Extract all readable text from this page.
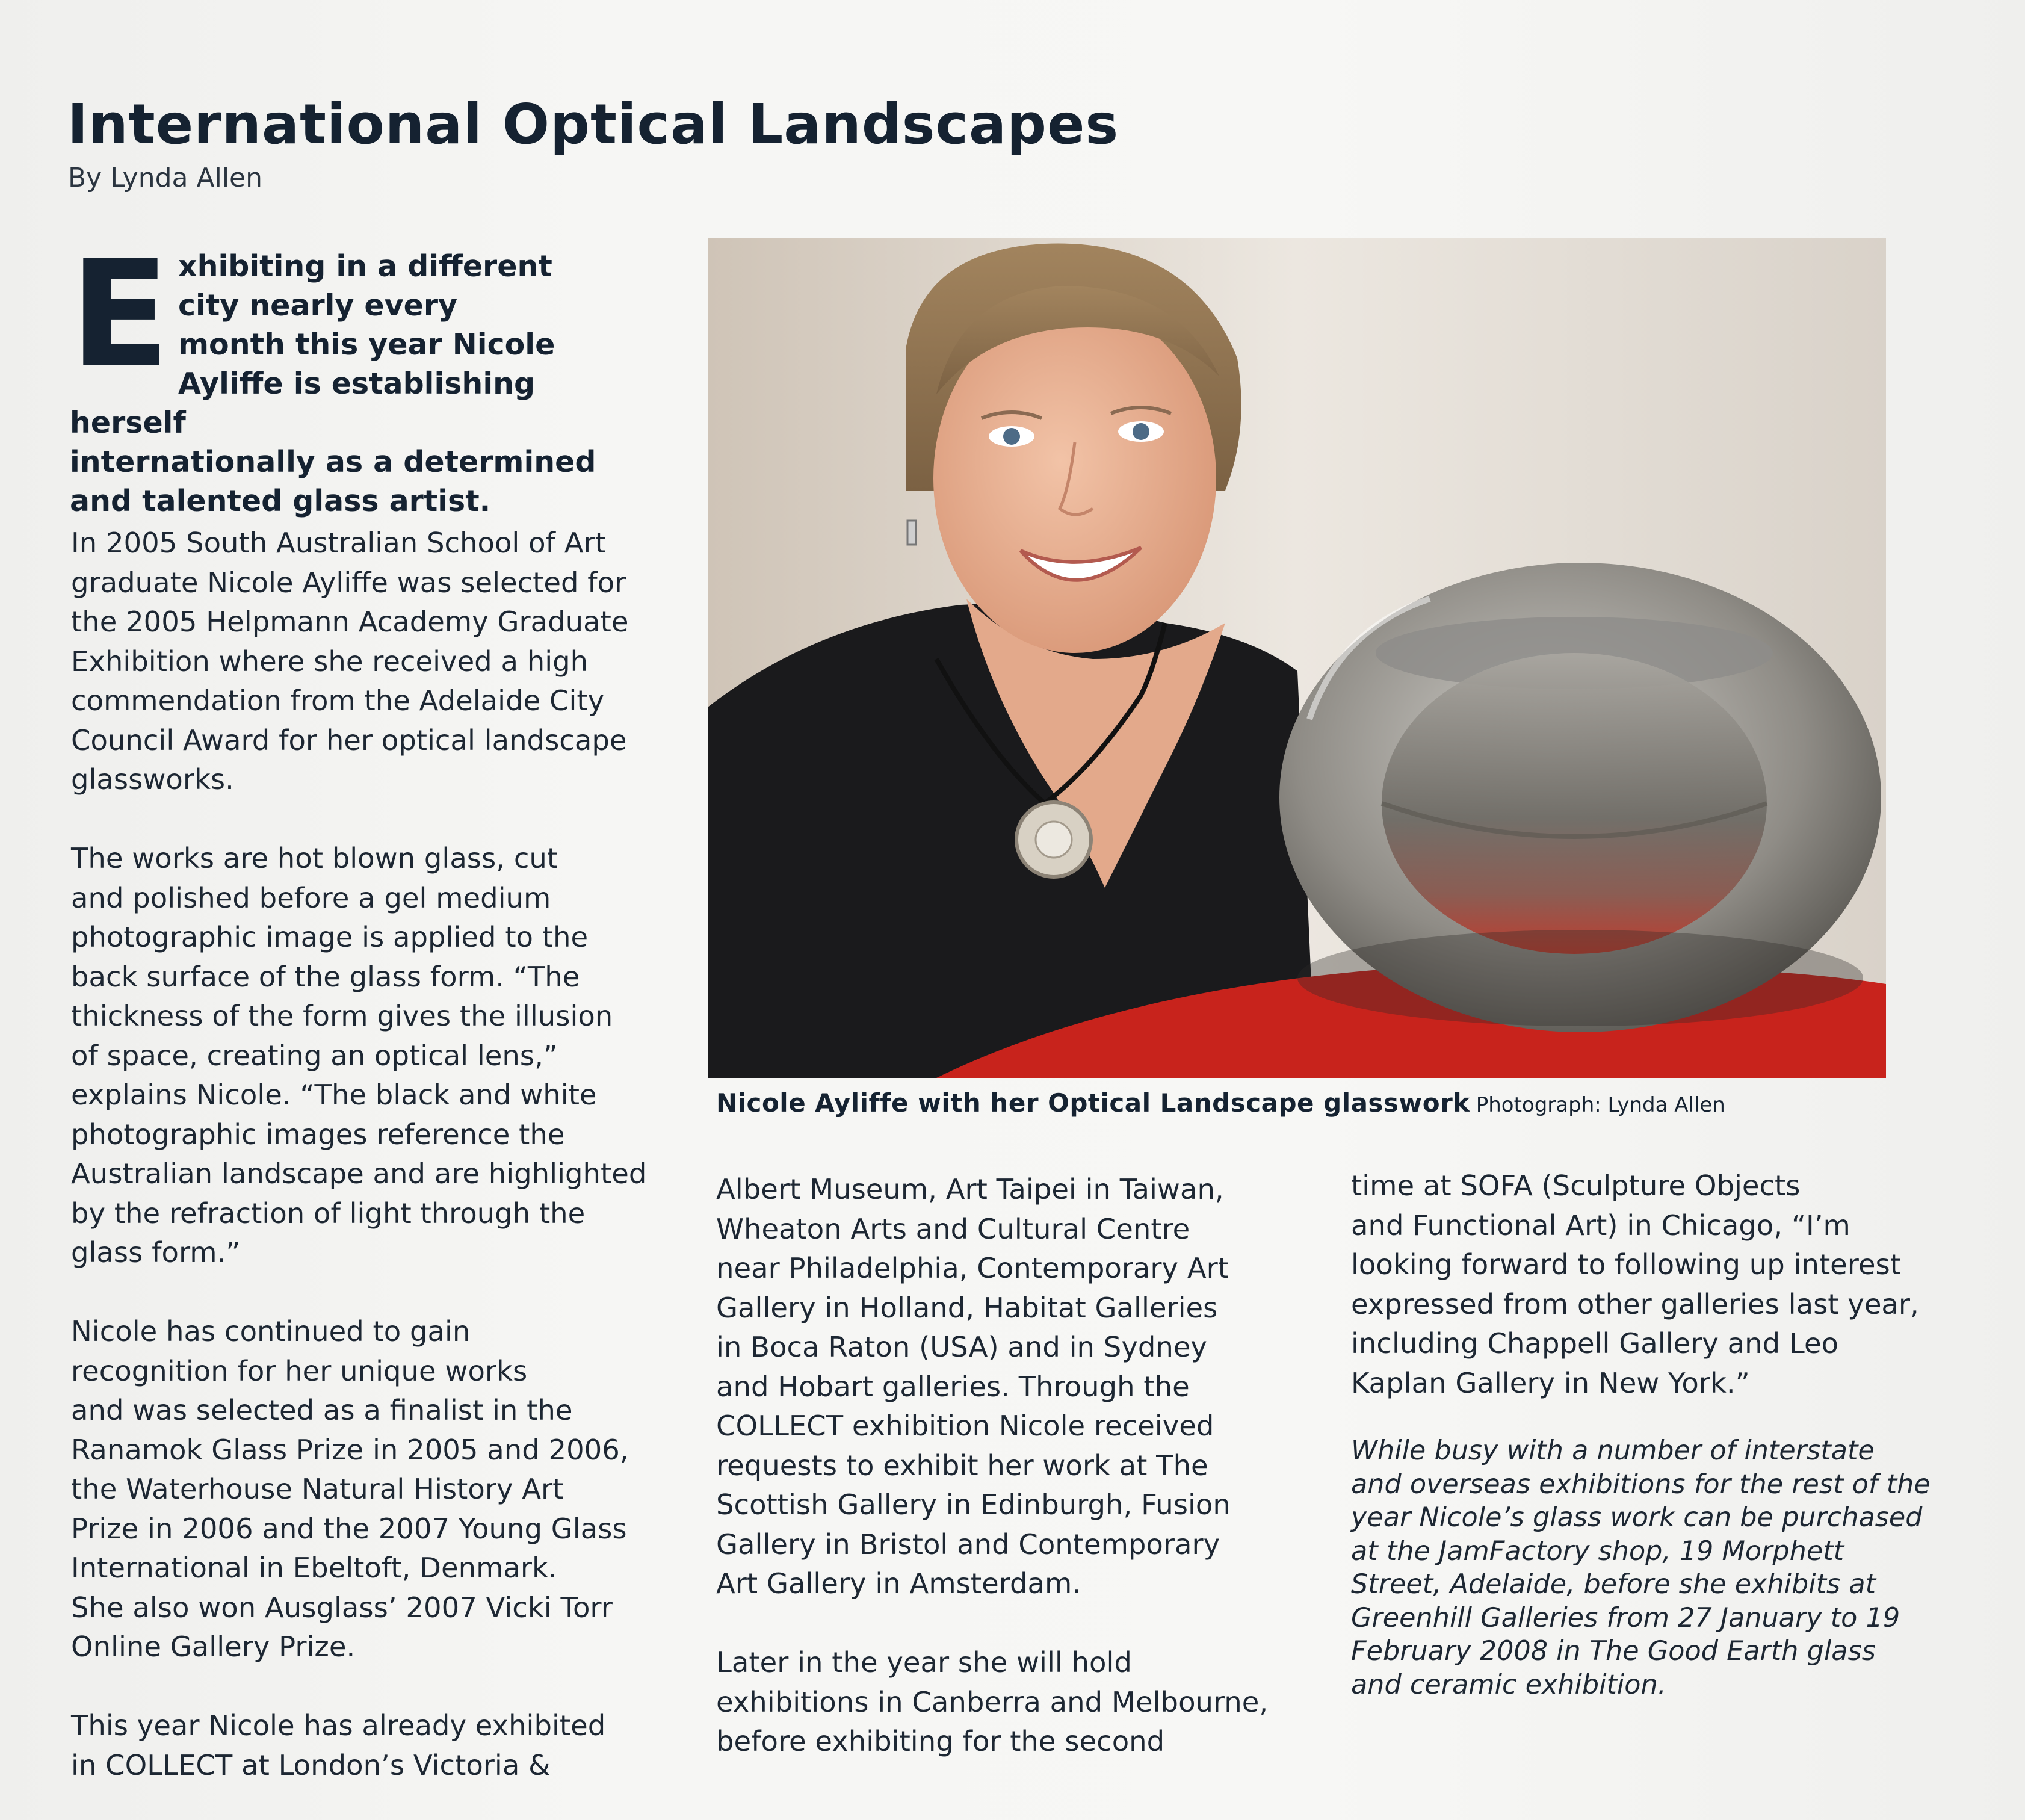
International Optical Landscapes
By Lynda Allen
E xhibiting in a different
city nearly every
month this year Nicole
Ayliffe is establishing herself
internationally as a determined
and talented glass artist.

In 2005 South Australian School of Art

graduate Nicole Ayliffe was selected for

the 2005 Helpmann Academy Graduate

Exhibition where she received a high

commendation from the Adelaide City

Council Award for her optical landscape

glassworks.

The works are hot blown glass, cut

and polished before a gel medium

photographic image is applied to the

back surface of the glass form. “The

thickness of the form gives the illusion

of space, creating an optical lens,”

explains Nicole. “The black and white

photographic images reference the

Australian landscape and are highlighted

by the refraction of light through the

glass form.”

Nicole has continued to gain

recognition for her unique works

and was selected as a finalist in the

Ranamok Glass Prize in 2005 and 2006,

the Waterhouse Natural History Art

Prize in 2006 and the 2007 Young Glass

International in Ebeltoft, Denmark.

She also won Ausglass’ 2007 Vicki Torr

Online Gallery Prize.

This year Nicole has already exhibited

in COLLECT at London’s Victoria &

Nicole Ayliffe with her Optical Landscape glasswork Photograph: Lynda Allen

Albert Museum, Art Taipei in Taiwan,

Wheaton Arts and Cultural Centre

near Philadelphia, Contemporary Art

Gallery in Holland, Habitat Galleries

in Boca Raton (USA) and in Sydney

and Hobart galleries. Through the

COLLECT exhibition Nicole received

requests to exhibit her work at The

Scottish Gallery in Edinburgh, Fusion

Gallery in Bristol and Contemporary

Art Gallery in Amsterdam.

Later in the year she will hold

exhibitions in Canberra and Melbourne,

before exhibiting for the second

time at SOFA (Sculpture Objects

and Functional Art) in Chicago, “I’m

looking forward to following up interest

expressed from other galleries last year,

including Chappell Gallery and Leo

Kaplan Gallery in New York.”

While busy with a number of interstate

and overseas exhibitions for the rest of the

year Nicole’s glass work can be purchased

at the JamFactory shop, 19 Morphett

Street, Adelaide, before she exhibits at

Greenhill Galleries from 27 January to 19

February 2008 in The Good Earth glass

and ceramic exhibition.
